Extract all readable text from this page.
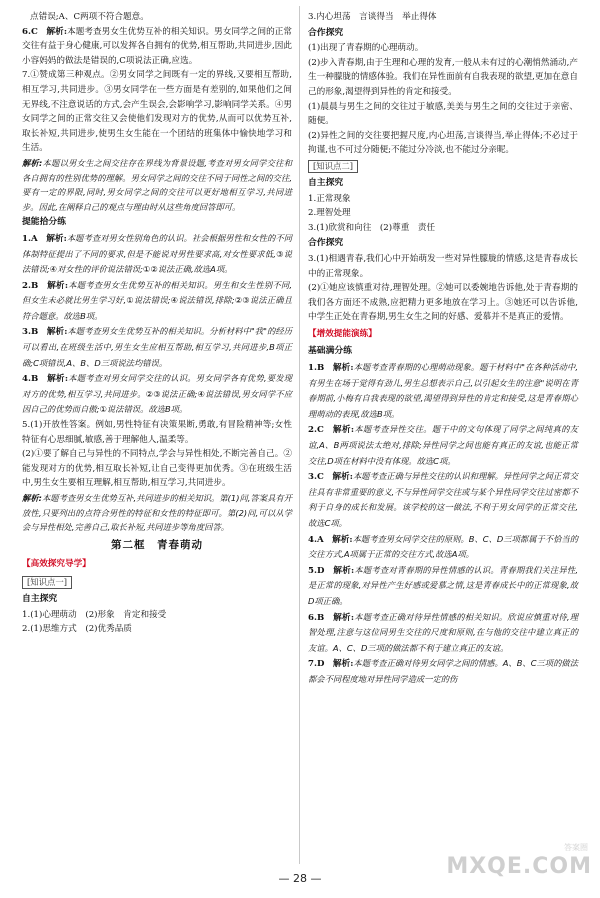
点错误;A、C两项不符合题意。

6.C　解析:本题考查男女生优势互补的相关知识。男女同学之间的正常交往有益于身心健康,可以发挥各自拥有的优势,相互帮助,共同进步,因此小容妈妈的做法是错误的,C项说法正确,应选。

7.①赞成第三种观点。②男女同学之间既有一定的界线,又要相互帮助,相互学习,共同进步。③男女同学在一些方面是有差别的,如果他们之间无界线,不注意说话的方式,会产生误会,会影响学习,影响同学关系。④男女同学之间的正常交往又会使他们发现对方的优势,从而可以优势互补,取长补短,共同进步,使男生女生能在一个团结的班集体中愉快地学习和生活。

解析:本题以男女生之间交往存在界线为背景设题,考查对男女同学交往和各自拥有的性别优势的理解。男女同学之间的交往不同于同性之间的交往,要有一定的界限,同时,男女同学之间的交往可以更好地相互学习,共同进步。因此,在阐释自己的观点与理由时从这些角度回答即可。

提能拾分练

1.A　解析:本题考查对男女性别角色的认识。社会根据男性和女性的不同体制特征提出了不同的要求,但是不能说对男性要求高,对女性要求低,③说法错误;④对女性的评价说法错误;①②说法正确,故选A项。

2.B　解析:本题考查男女生优势互补的相关知识。男生和女生性别不同,但女生未必就比男生学习好,①说法错误;④说法错误,排除;②③说法正确且符合题意。故选B项。

3.B　解析:本题考查男女生优势互补的相关知识。分析材料中"我"的经历可以看出,在班级生活中,男生女生应相互帮助,相互学习,共同进步,B项正确;C项错误,A、B、D三项说法均错误。

4.B　解析:本题考查对男女同学交往的认识。男女同学各有优势,要发现对方的优势,相互学习,共同进步。②③说法正确;④说法错误,男女同学不应因自己的优势而自傲;①说法错误。故选B项。

5.(1)开放性答案。例如,男性特征有决策果断,勇敢,有冒险精神等;女性特征有心思细腻,敏感,善于理解他人,温柔等。

(2)①要了解自己与异性的不同特点,学会与异性相处,不断完善自己。②能发现对方的优势,相互取长补短,让自己变得更加优秀。③在班级生活中,男生女生要相互理解,相互帮助,相互学习,共同进步。

解析:本题考查男女生优势互补,共同进步的相关知识。第(1)问,答案具有开放性,只要列出的点符合男性的特征和女性的特征即可。第(2)问,可以从学会与异性相处,完善自己,取长补短,共同进步等角度回答。

第二框　青春萌动
【高效探究导学】
[知识点一]
自主探究

1.(1)心理萌动　(2)形象　肯定和接受

2.(1)思维方式　(2)优秀品质

3.内心坦荡　言谈得当　举止得体

合作探究

(1)出现了青春期的心理萌动。

(2)步入青春期,由于生理和心理的发育,一般从未有过的心潮悄然涌动,产生一种朦胧的情感体验。我们在异性面前有自我表现的欲望,更加在意自己的形象,渴望得到异性的肯定和接受。

(1)晨晨与男生之间的交往过于敏感,美美与男生之间的交往过于亲密、随便。

(2)异性之间的交往要把握尺度,内心坦荡,言谈得当,举止得体;不必过于拘谨,也不可过分随便;不能过分冷淡,也不能过分亲昵。

[知识点二]
自主探究

1.正常现象

2.理智处理

3.(1)欣赏和向往　(2)尊重　责任

合作探究

3.(1)相遇青春,我们心中开始萌发一些对异性朦胧的情感,这是青春成长中的正常现象。

(2)①她应该慎重对待,理智处理。②她可以委婉地告诉他,处于青春期的我们各方面还不成熟,应把精力更多地放在学习上。③她还可以告诉他,中学生正处在青春期,男生女生之间的好感、爱慕并不是真正的爱情。

【增效提能演练】
基础满分练

1.B　解析:本题考查青春期的心理萌动现象。题干材料中"在各种活动中,有男生在场于觉得有劲儿,男生总想表示自己,以引起女生的注意"说明在青春期前,小梅有自我表现的欲望,渴望得到异性的肯定和接受,这是青春期心理萌动的表现,故选B项。

2.C　解析:本题考查异性交往。题干中的文句体现了同学之间纯真的友谊,A、B两项说法太绝对,排除;异性同学之间也能有真正的友谊,也能正常交往,D项在材料中没有体现。故选C项。

3.C　解析:本题考查正确与异性交往的认识和理解。异性同学之间正常交往具有非常重要的意义,不与异性同学交往或与某个异性同学交往过密都不利于自身的成长和发展。该学校的这一做法,不利于男女同学的正常交往,故选C项。

4.A　解析:本题考查男女同学交往的原则。B、C、D三项都属于不恰当的交往方式,A项属于正常的交往方式,故选A项。

5.D　解析:本题考查对青春期的异性情感的认识。青春期我们关注异性,是正常的现象,对异性产生好感或爱慕之情,这是青春成长中的正常现象,故D项正确。

6.B　解析:本题考查正确对待异性情感的相关知识。欣说应慎重对待,理智处理,注意与这位同男生交往的尺度和原则,在与他的交往中建立真正的友谊。A、C、D三项的做法都不利于建立真正的友谊。

7.D　解析:本题考查正确对待男女同学之间的情感。A、B、C三项的做法都会不同程度地对异性同学造成一定的伤

答案圈
MXQE.COM
— 28 —
